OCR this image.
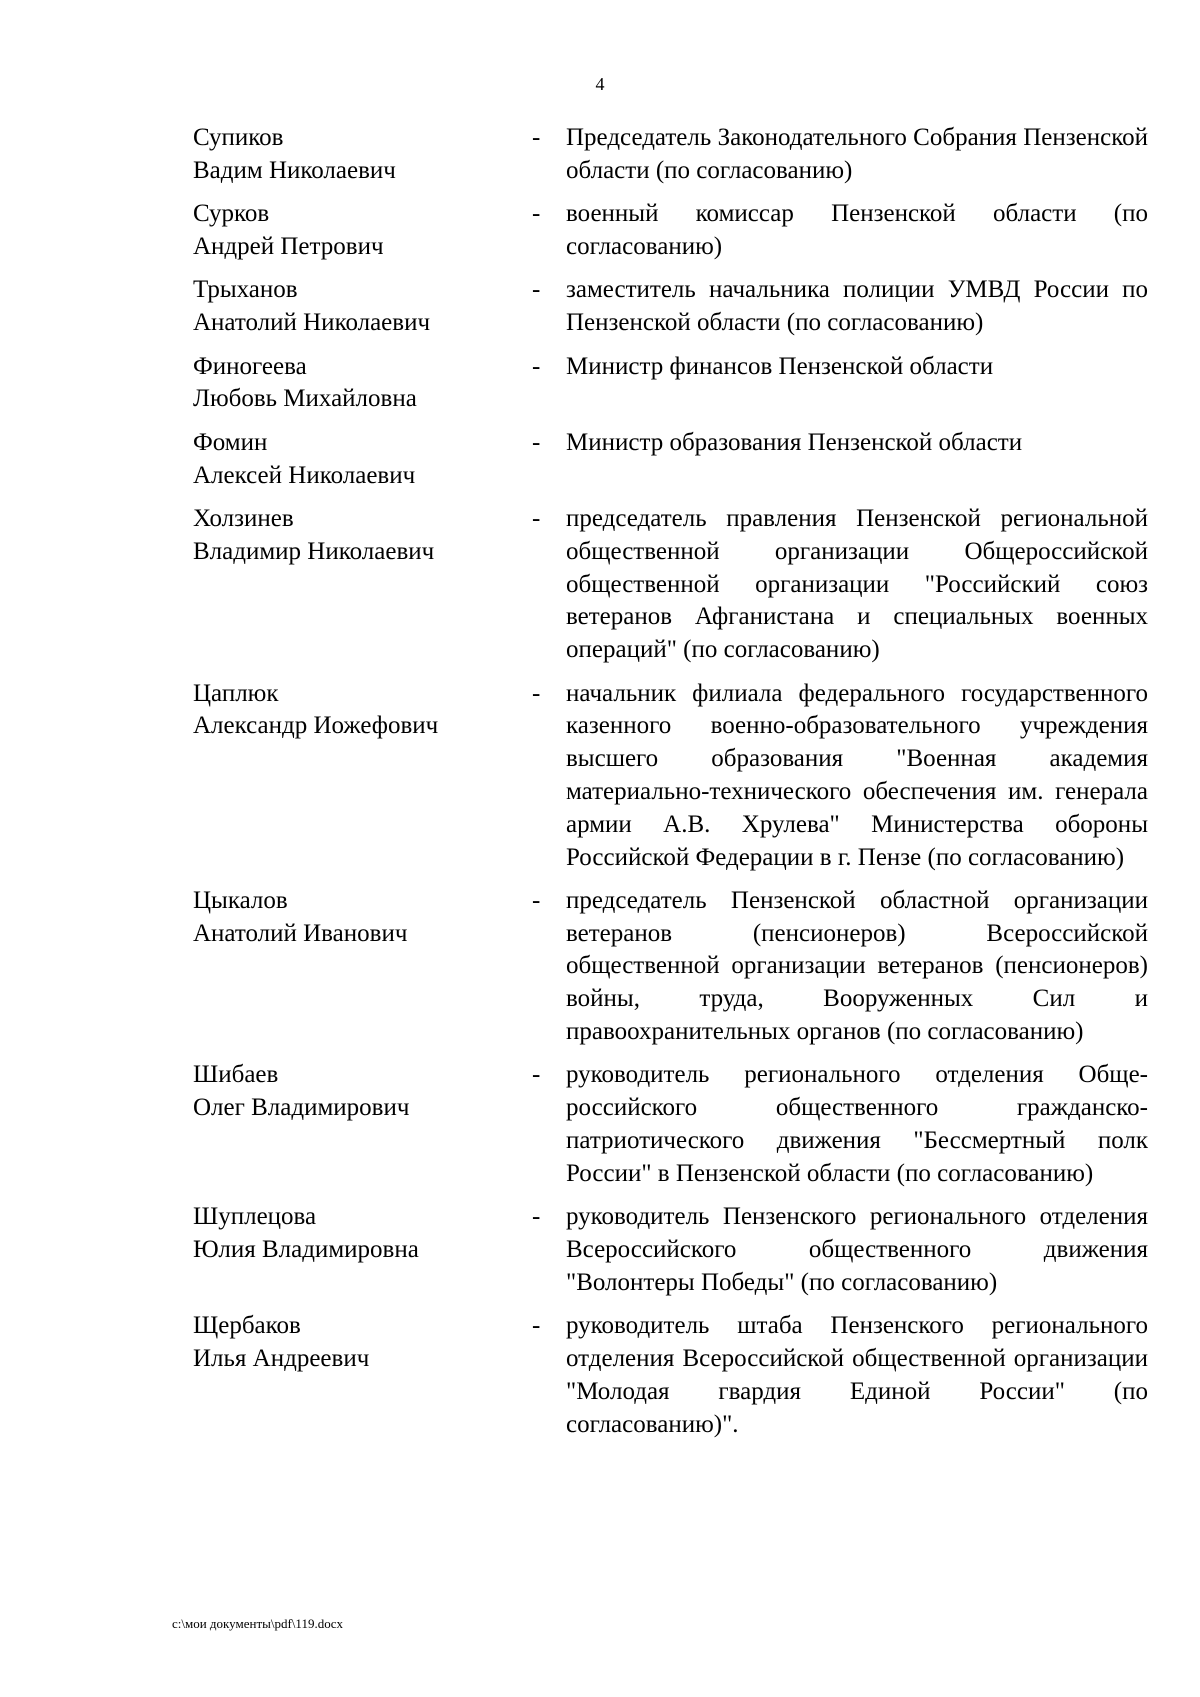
4
Супиков
Вадим Николаевич
-	Председатель Законодательного Собрания Пензенской области (по согласованию)
Сурков
Андрей Петрович
-	военный комиссар Пензенской области (по согласованию)
Трыханов
Анатолий Николаевич
-	заместитель начальника полиции УМВД России по Пензенской области (по согласованию)
Финогеева
Любовь Михайловна
-	Министр финансов Пензенской области
Фомин
Алексей Николаевич
-	Министр образования Пензенской области
Холзинев
Владимир Николаевич
-	председатель правления Пензенской региональной общественной организации Общероссийской общественной организации "Российский союз ветеранов Афганистана и специальных военных операций" (по согласованию)
Цаплюк
Александр Иожефович
-	начальник филиала федерального государственного казенного военно-образовательного учреждения высшего образования "Военная академия материально-технического обеспечения им. генерала армии А.В. Хрулева" Министерства обороны Российской Федерации в г. Пензе (по согласованию)
Цыкалов
Анатолий Иванович
-	председатель Пензенской областной организации ветеранов (пенсионеров) Всероссийской общественной организации ветеранов (пенсионеров) войны, труда, Вооруженных Сил и правоохранительных органов (по согласованию)
Шибаев
Олег Владимирович
-	руководитель регионального отделения Общероссийского общественного гражданско-патриотического движения "Бессмертный полк России" в Пензенской области (по согласованию)
Шуплецова
Юлия Владимировна
-	руководитель Пензенского регионального отделения Всероссийского общественного движения "Волонтеры Победы" (по согласованию)
Щербаков
Илья Андреевич
-	руководитель штаба Пензенского регионального отделения Всероссийской общественной организации "Молодая гвардия Единой России" (по согласованию)".
c:\мои документы\pdf\119.docx
